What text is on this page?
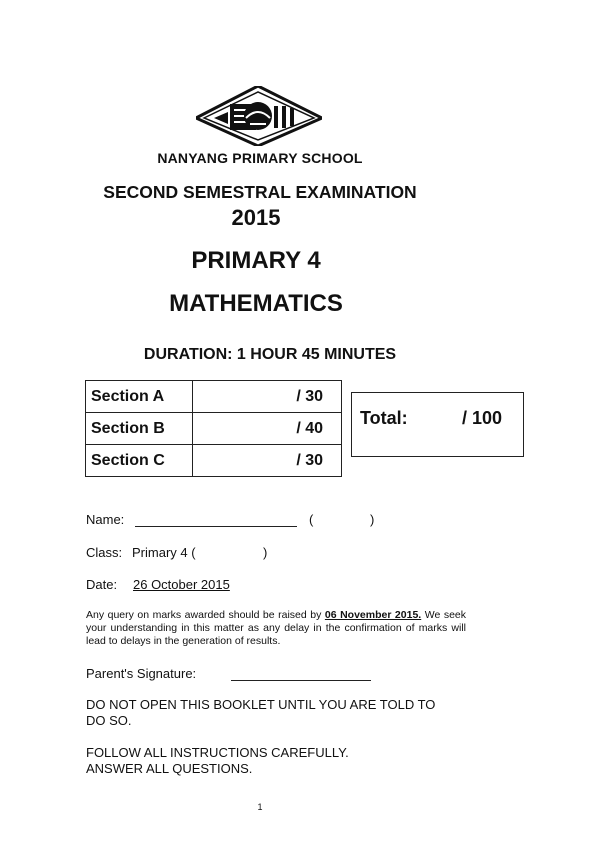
NANYANG PRIMARY SCHOOL
SECOND SEMESTRAL EXAMINATION
2015
PRIMARY 4
MATHEMATICS
DURATION: 1 HOUR 45 MINUTES
Section A	/ 30
Section B	/ 40
Section C	/ 30
Total:	/ 100
Name:	(	)
Class: Primary 4 (	)
Date: 26 October 2015
Any query on marks awarded should be raised by 06 November 2015. We seek your understanding in this matter as any delay in the confirmation of marks will lead to delays in the generation of results.
Parent's Signature:
DO NOT OPEN THIS BOOKLET UNTIL YOU ARE TOLD TO DO SO.
FOLLOW ALL INSTRUCTIONS CAREFULLY.
ANSWER ALL QUESTIONS.
1
